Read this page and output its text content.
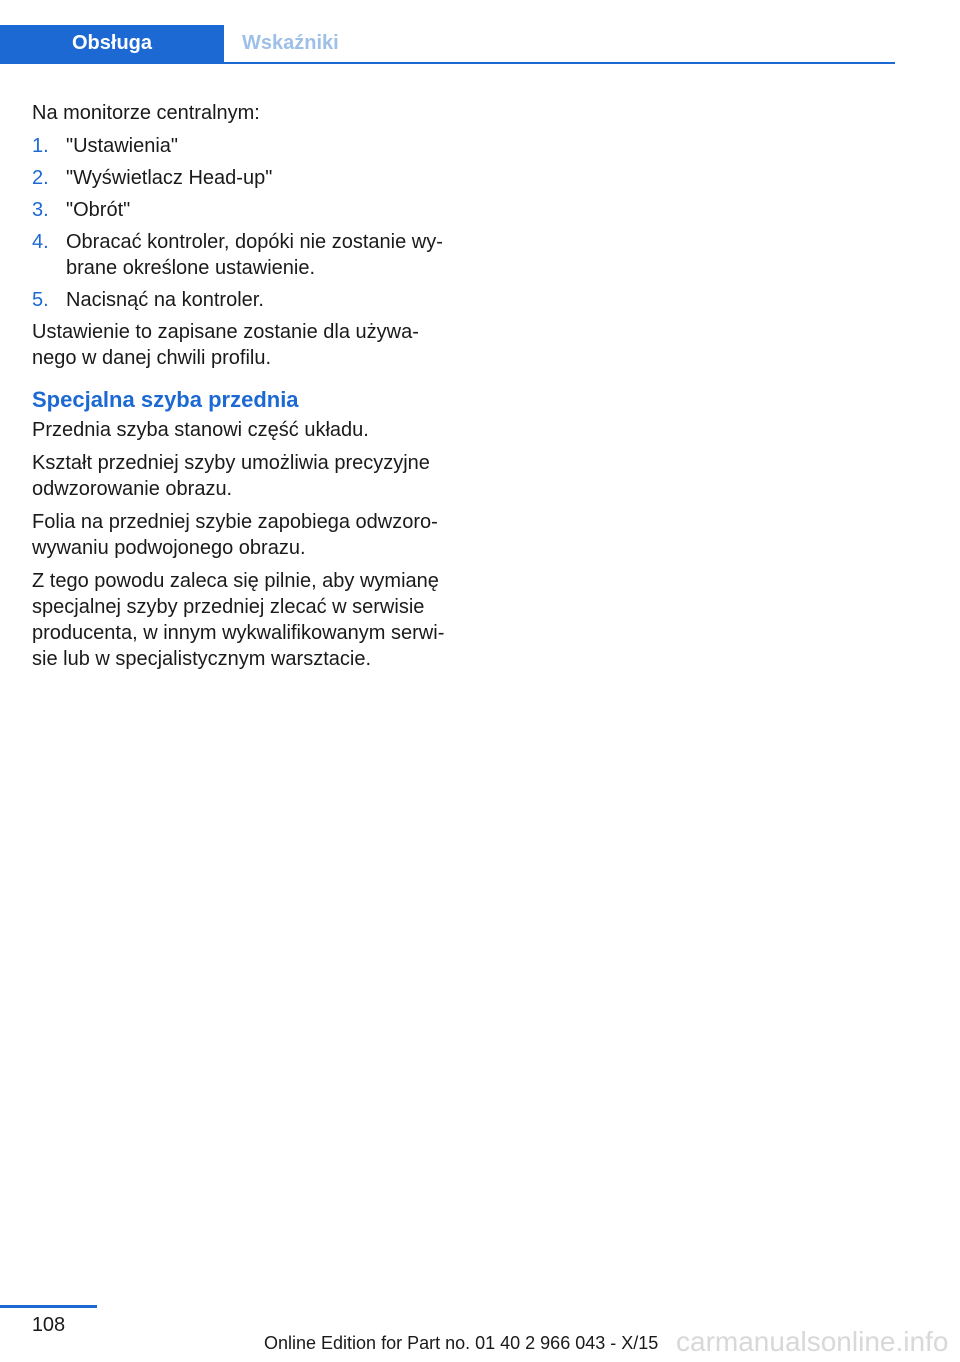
Obsługa	Wskaźniki

Na monitorze centralnym:

1. "Ustawienia"
2. "Wyświetlacz Head-up"
3. "Obrót"
4. Obracać kontroler, dopóki nie zostanie wybrane określone ustawienie.
5. Nacisnąć na kontroler.

Ustawienie to zapisane zostanie dla używanego w danej chwili profilu.

Specjalna szyba przednia

Przednia szyba stanowi część układu.

Kształt przedniej szyby umożliwia precyzyjne odwzorowanie obrazu.

Folia na przedniej szybie zapobiega odwzorowywaniu podwojonego obrazu.

Z tego powodu zaleca się pilnie, aby wymianę specjalnej szyby przedniej zlecać w serwisie producenta, w innym wykwalifikowanym serwisie lub w specjalistycznym warsztacie.

108
Online Edition for Part no. 01 40 2 966 043 - X/15 carmanualsonline.info
